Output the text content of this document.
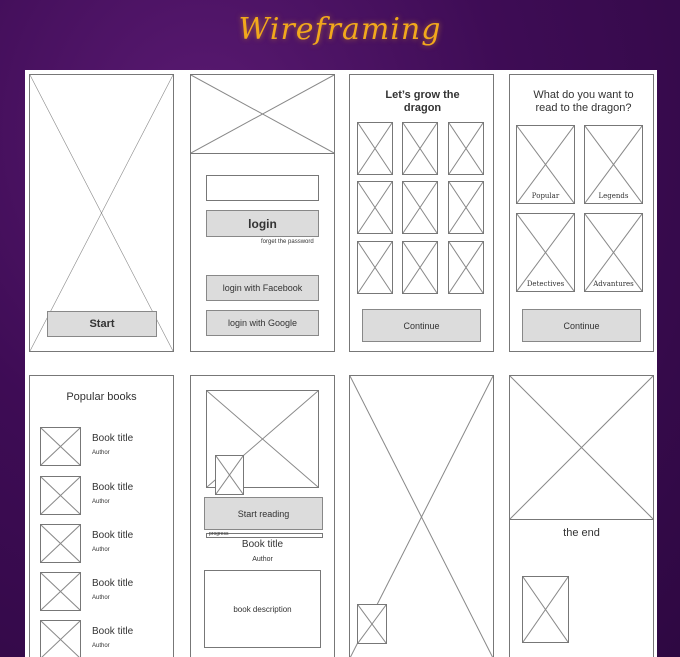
Wireframing
Start
login
forget the password
login with Facebook
login with Google
Let’s grow the dragon
Continue
What do you want to read to the dragon?
Popular	Legends
Detectives	Advantures
Continue
Popular books
Book title
Author
Book title
Author
Book title
Author
Book title
Author
Book title
Author
Start reading
progress
Book title
Author
book description
the end
